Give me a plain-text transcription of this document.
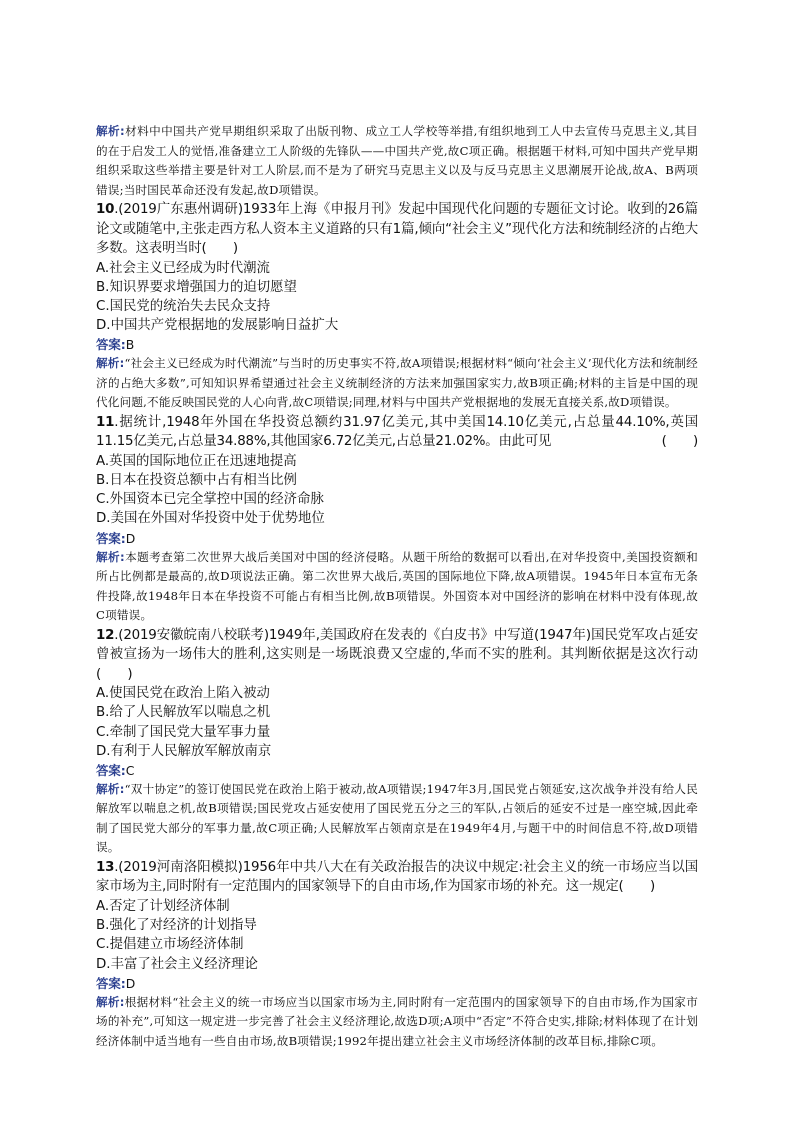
解析:材料中中国共产党早期组织采取了出版刊物、成立工人学校等举措,有组织地到工人中去宣传马克思主义,其目的在于启发工人的觉悟,准备建立工人阶级的先锋队——中国共产党,故C项正确。根据题干材料,可知中国共产党早期组织采取这些举措主要是针对工人阶层,而不是为了研究马克思主义以及与反马克思主义思潮展开论战,故A、B两项错误;当时国民革命还没有发起,故D项错误。

10.(2019广东惠州调研)1933年上海《申报月刊》发起中国现代化问题的专题征文讨论。收到的26篇论文或随笔中,主张走西方私人资本主义道路的只有1篇,倾向“社会主义”现代化方法和统制经济的占绝大多数。这表明当时(　　)

A.社会主义已经成为时代潮流
B.知识界要求增强国力的迫切愿望
C.国民党的统治失去民众支持
D.中国共产党根据地的发展影响日益扩大
答案:B

解析:“社会主义已经成为时代潮流”与当时的历史事实不符,故A项错误;根据材料“倾向‘社会主义’现代化方法和统制经济的占绝大多数”,可知知识界希望通过社会主义统制经济的方法来加强国家实力,故B项正确;材料的主旨是中国的现代化问题,不能反映国民党的人心向背,故C项错误;同理,材料与中国共产党根据地的发展无直接关系,故D项错误。

11.据统计,1948年外国在华投资总额约31.97亿美元,其中美国14.10亿美元,占总量44.10%,英国11.15亿美元,占总量34.88%,其他国家6.72亿美元,占总量21.02%。由此可见	(　　)

A.英国的国际地位正在迅速地提高
B.日本在投资总额中占有相当比例
C.外国资本已完全掌控中国的经济命脉
D.美国在外国对华投资中处于优势地位
答案:D

解析:本题考查第二次世界大战后美国对中国的经济侵略。从题干所给的数据可以看出,在对华投资中,美国投资额和所占比例都是最高的,故D项说法正确。第二次世界大战后,英国的国际地位下降,故A项错误。1945年日本宣布无条件投降,故1948年日本在华投资不可能占有相当比例,故B项错误。外国资本对中国经济的影响在材料中没有体现,故C项错误。

12.(2019安徽皖南八校联考)1949年,美国政府在发表的《白皮书》中写道(1947年)国民党军攻占延安曾被宣扬为一场伟大的胜利,这实则是一场既浪费又空虚的,华而不实的胜利。其判断依据是这次行动(　　)

A.使国民党在政治上陷入被动
B.给了人民解放军以喘息之机
C.牵制了国民党大量军事力量
D.有利于人民解放军解放南京
答案:C

解析:“双十协定”的签订使国民党在政治上陷于被动,故A项错误;1947年3月,国民党占领延安,这次战争并没有给人民解放军以喘息之机,故B项错误;国民党攻占延安使用了国民党五分之三的军队,占领后的延安不过是一座空城,因此牵制了国民党大部分的军事力量,故C项正确;人民解放军占领南京是在1949年4月,与题干中的时间信息不符,故D项错误。

13.(2019河南洛阳模拟)1956年中共八大在有关政治报告的决议中规定:社会主义的统一市场应当以国家市场为主,同时附有一定范围内的国家领导下的自由市场,作为国家市场的补充。这一规定(　　)

A.否定了计划经济体制
B.强化了对经济的计划指导
C.提倡建立市场经济体制
D.丰富了社会主义经济理论
答案:D

解析:根据材料“社会主义的统一市场应当以国家市场为主,同时附有一定范围内的国家领导下的自由市场,作为国家市场的补充”,可知这一规定进一步完善了社会主义经济理论,故选D项;A项中“否定”不符合史实,排除;材料体现了在计划经济体制中适当地有一些自由市场,故B项错误;1992年提出建立社会主义市场经济体制的改革目标,排除C项。
